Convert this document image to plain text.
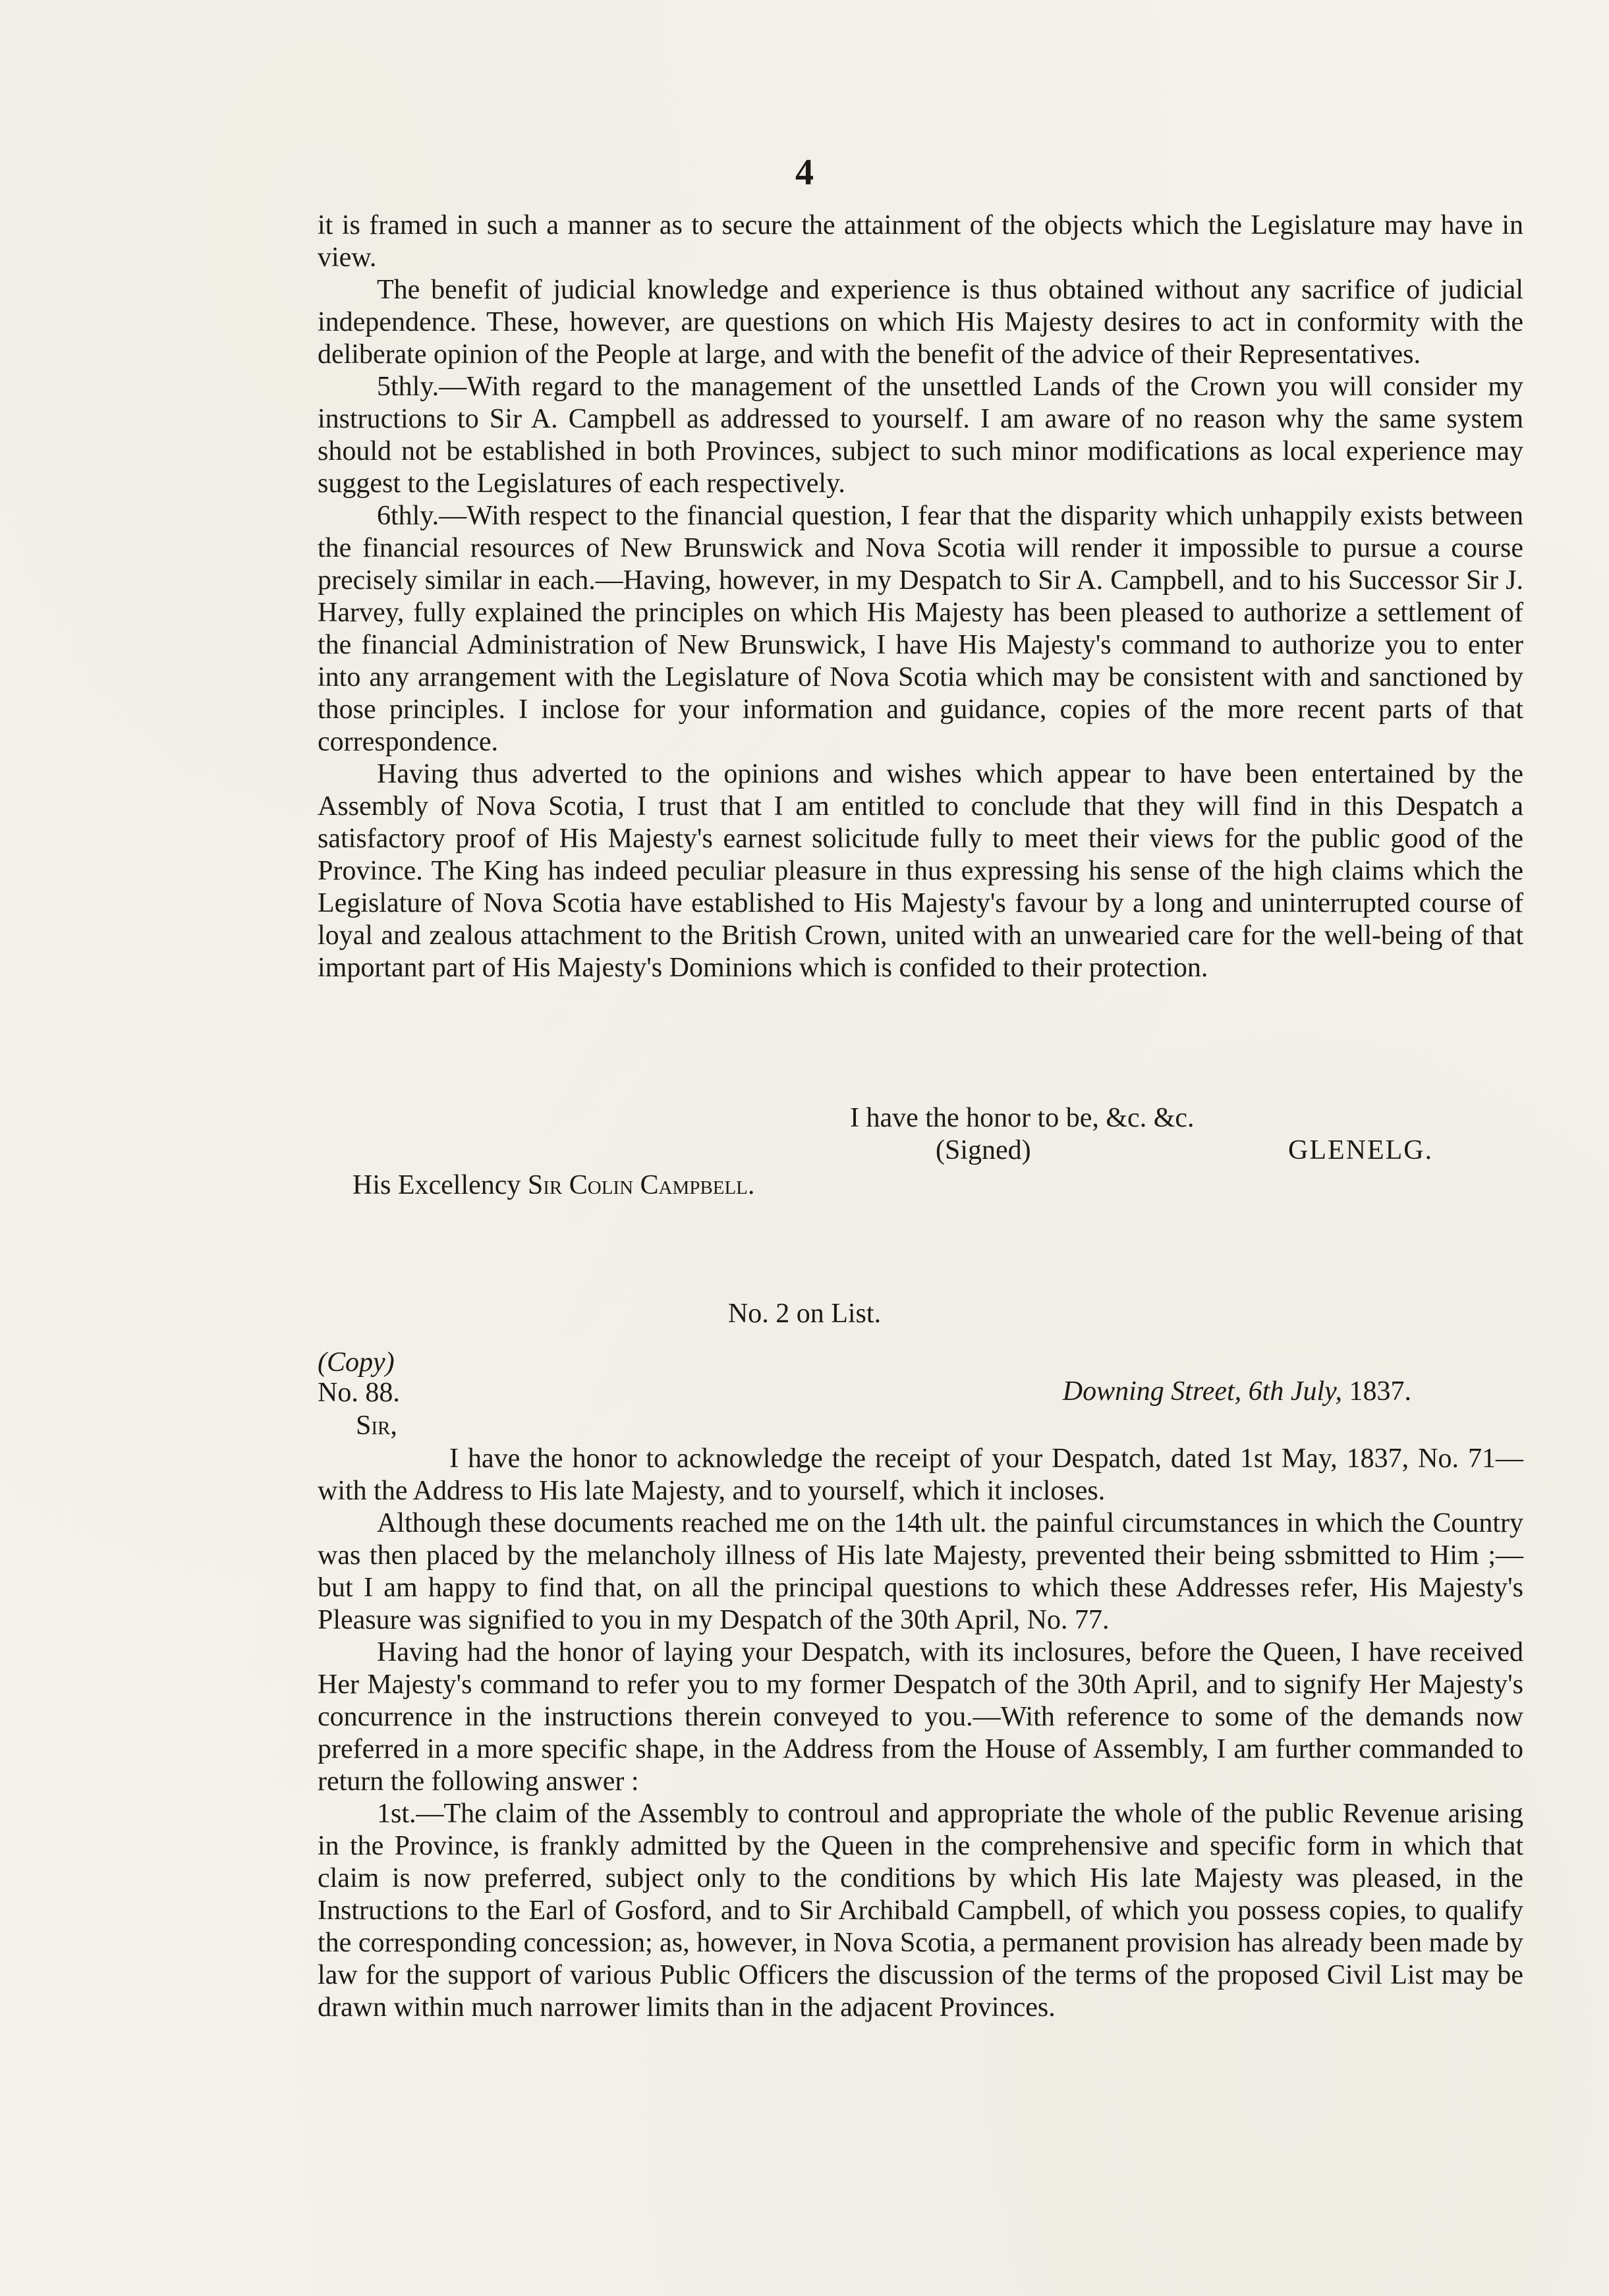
4

it is framed in such a manner as to secure the attainment of the objects which the Legislature may have in view.

The benefit of judicial knowledge and experience is thus obtained without any sacrifice of judicial independence. These, however, are questions on which His Majesty desires to act in conformity with the deliberate opinion of the People at large, and with the benefit of the advice of their Representatives.

5thly.—With regard to the management of the unsettled Lands of the Crown you will consider my instructions to Sir A. Campbell as addressed to yourself. I am aware of no reason why the same system should not be established in both Provinces, subject to such minor modifications as local experience may suggest to the Legislatures of each respectively.

6thly.—With respect to the financial question, I fear that the disparity which unhappily exists between the financial resources of New Brunswick and Nova Scotia will render it impossible to pursue a course precisely similar in each.—Having, however, in my Despatch to Sir A. Campbell, and to his Successor Sir J. Harvey, fully explained the principles on which His Majesty has been pleased to authorize a settlement of the financial Administration of New Brunswick, I have His Majesty's command to authorize you to enter into any arrangement with the Legislature of Nova Scotia which may be consistent with and sanctioned by those principles. I inclose for your information and guidance, copies of the more recent parts of that correspondence.

Having thus adverted to the opinions and wishes which appear to have been entertained by the Assembly of Nova Scotia, I trust that I am entitled to conclude that they will find in this Despatch a satisfactory proof of His Majesty's earnest solicitude fully to meet their views for the public good of the Province. The King has indeed peculiar pleasure in thus expressing his sense of the high claims which the Legislature of Nova Scotia have established to His Majesty's favour by a long and uninterrupted course of loyal and zealous attachment to the British Crown, united with an unwearied care for the well-being of that important part of His Majesty's Dominions which is confided to their protection.

I have the honor to be, &c. &c.
(Signed)	GLENELG.
His Excellency Sir Colin Campbell.
No. 2 on List.
(Copy)
No. 88.	Downing Street, 6th July, 1837.
Sir,

I have the honor to acknowledge the receipt of your Despatch, dated 1st May, 1837, No. 71—with the Address to His late Majesty, and to yourself, which it incloses.

Although these documents reached me on the 14th ult. the painful circumstances in which the Country was then placed by the melancholy illness of His late Majesty, prevented their being ssbmitted to Him ;—but I am happy to find that, on all the principal questions to which these Addresses refer, His Majesty's Pleasure was signified to you in my Despatch of the 30th April, No. 77.

Having had the honor of laying your Despatch, with its inclosures, before the Queen, I have received Her Majesty's command to refer you to my former Despatch of the 30th April, and to signify Her Majesty's concurrence in the instructions therein conveyed to you.—With reference to some of the demands now preferred in a more specific shape, in the Address from the House of Assembly, I am further commanded to return the following answer :

1st.—The claim of the Assembly to controul and appropriate the whole of the public Revenue arising in the Province, is frankly admitted by the Queen in the comprehensive and specific form in which that claim is now preferred, subject only to the conditions by which His late Majesty was pleased, in the Instructions to the Earl of Gosford, and to Sir Archibald Campbell, of which you possess copies, to qualify the corresponding concession; as, however, in Nova Scotia, a permanent provision has already been made by law for the support of various Public Officers the discussion of the terms of the proposed Civil List may be drawn within much narrower limits than in the adjacent Provinces.
